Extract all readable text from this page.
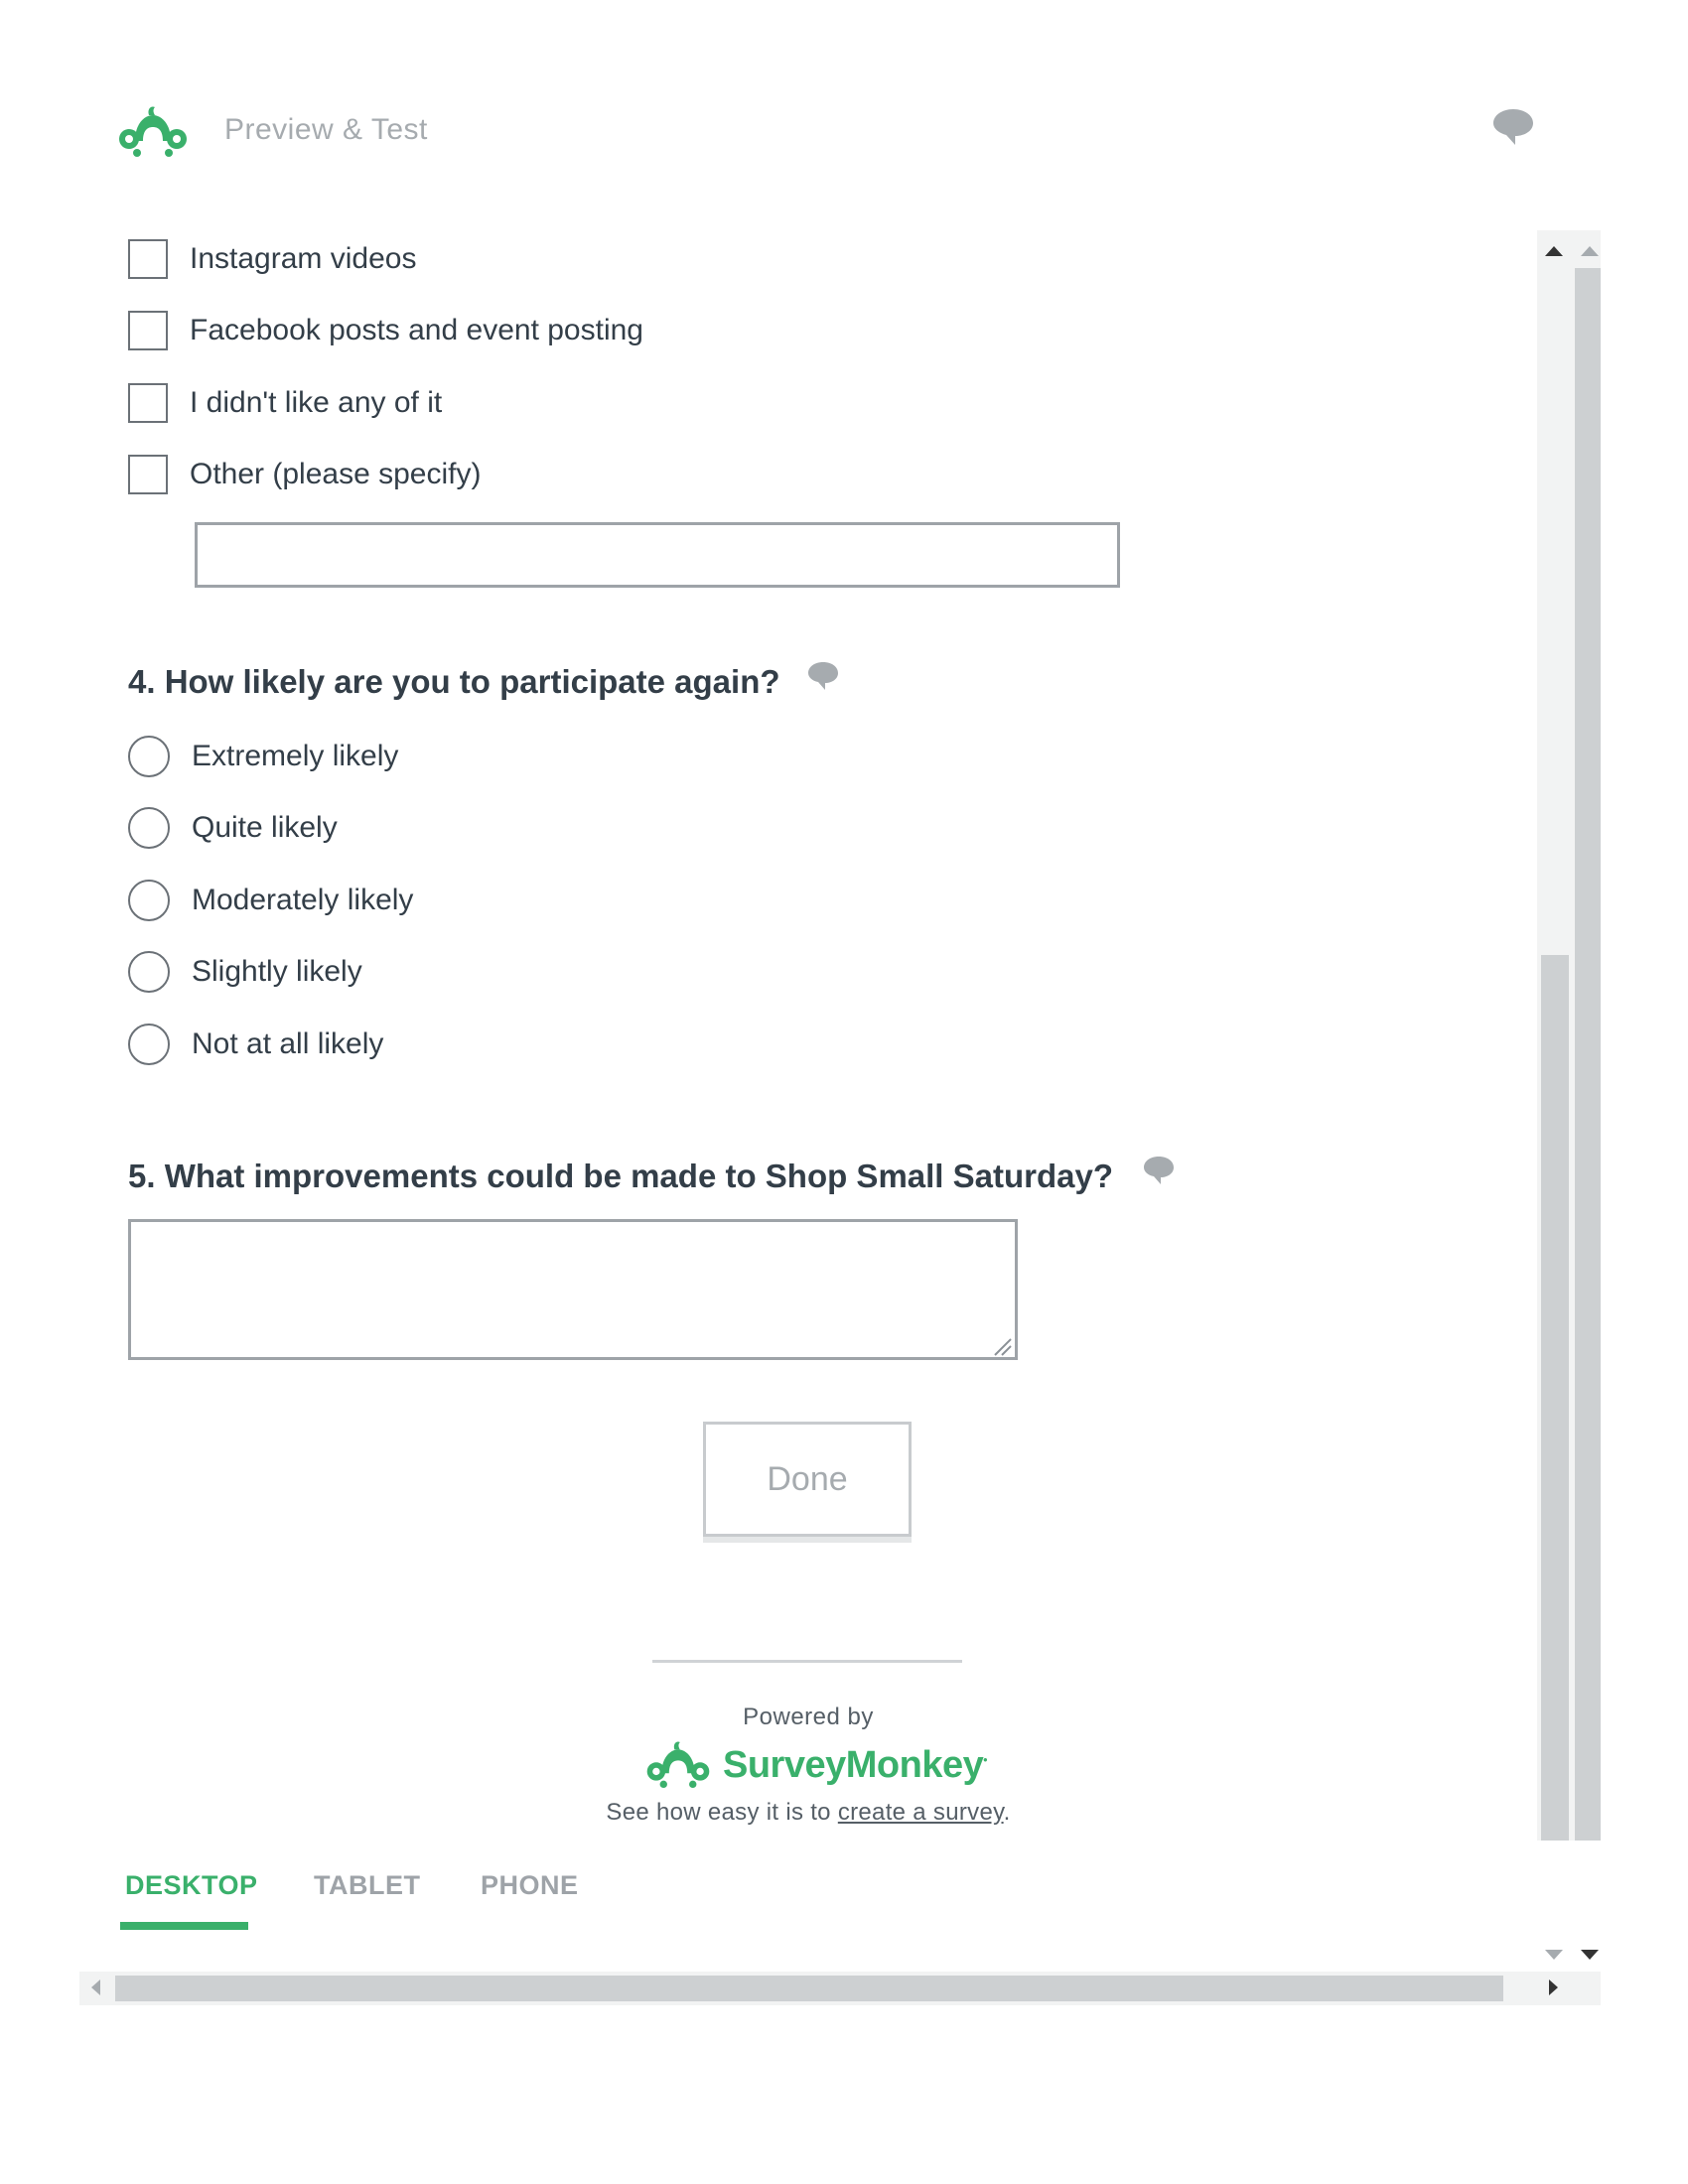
Preview & Test
Instagram videos
Facebook posts and event posting
I didn't like any of it
Other (please specify)
4. How likely are you to participate again?
Extremely likely
Quite likely
Moderately likely
Slightly likely
Not at all likely
5. What improvements could be made to Shop Small Saturday?
Done
Powered by
SurveyMonkey•
See how easy it is to create a survey.
DESKTOP TABLET PHONE
